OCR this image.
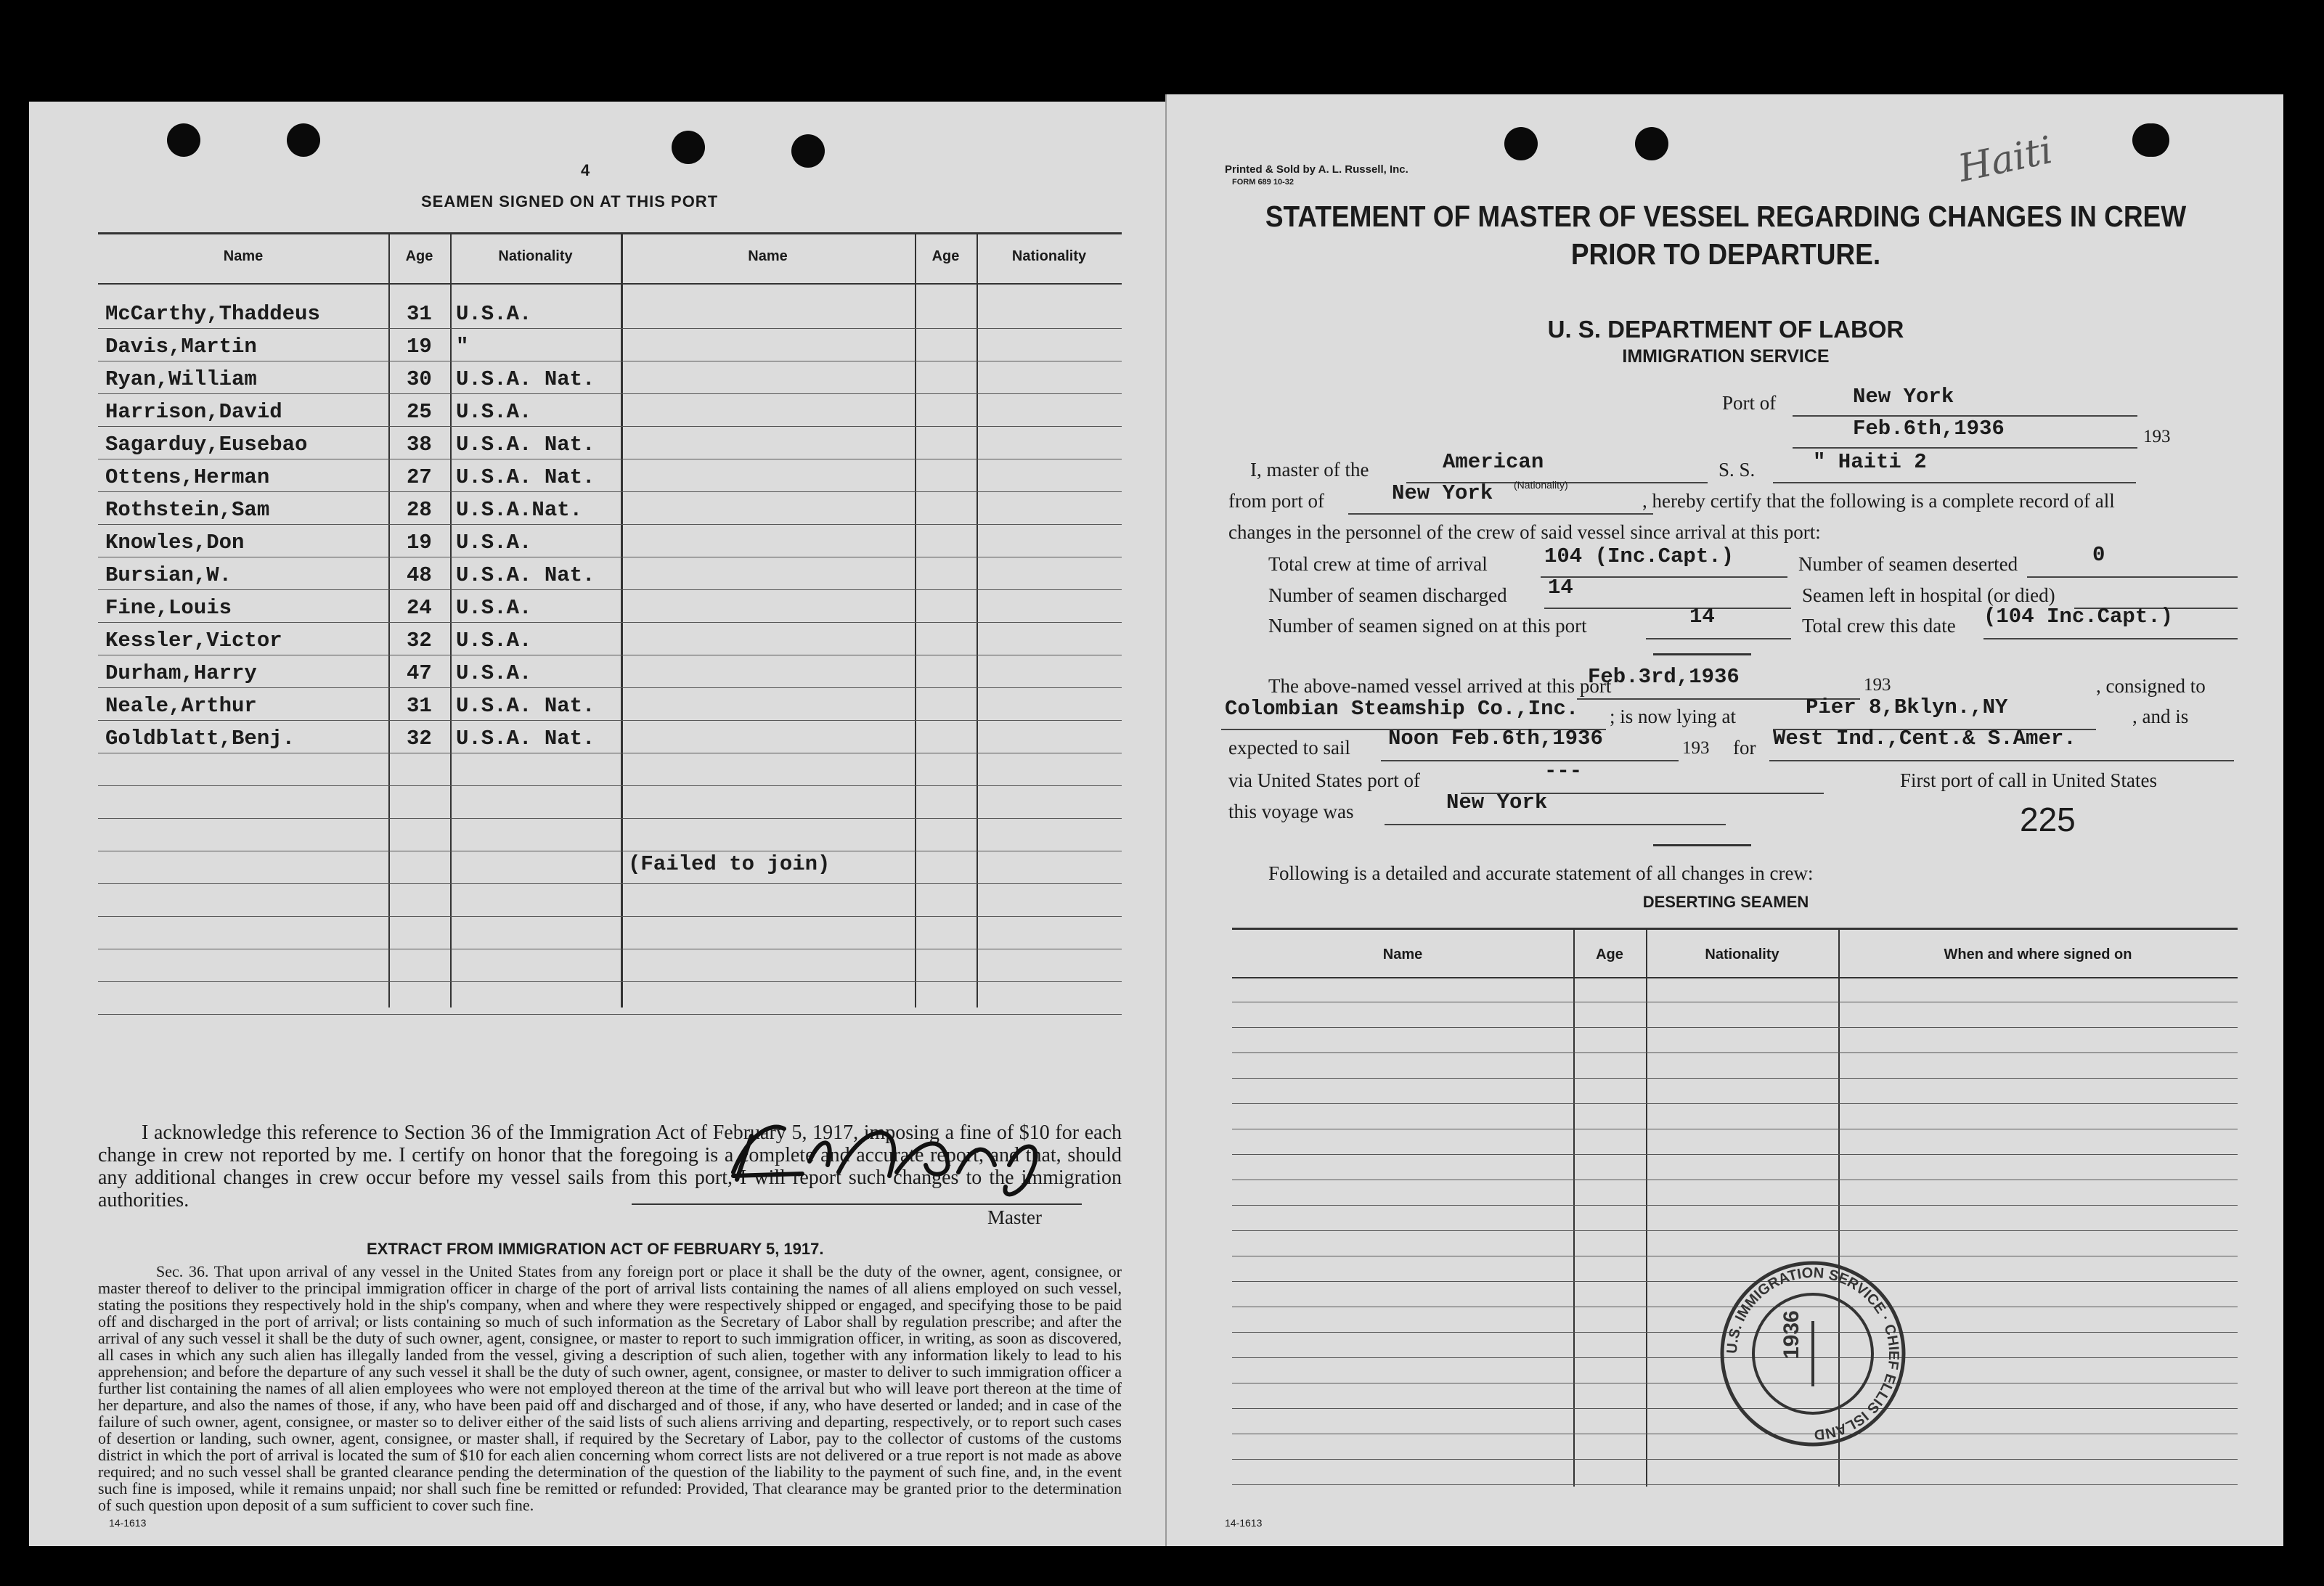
4
SEAMEN SIGNED ON AT THIS PORT
Name	Age	Nationality	Name	Age	Nationality
McCarthy,Thaddeus	31 U.S.A.
Davis,Martin	19 "
Ryan,William	30 U.S.A. Nat.
Harrison,David	25 U.S.A.
Sagarduy,Eusebao	38 U.S.A. Nat.
Ottens,Herman	27 U.S.A. Nat.
Rothstein,Sam	28 U.S.A.Nat.
Knowles,Don	19 U.S.A.
Bursian,W.	48 U.S.A. Nat.
Fine,Louis	24 U.S.A.
Kessler,Victor	32 U.S.A.
Durham,Harry	47 U.S.A.
Neale,Arthur	31 U.S.A. Nat.
Goldblatt,Benj.	32 U.S.A. Nat.
(Failed to join)
I acknowledge this reference to Section 36 of the Immigration Act of February 5, 1917, imposing a fine of $10 for each change in crew not reported by me. I certify on honor that the foregoing is a complete and accurate report, and that, should any additional changes in crew occur before my vessel sails from this port, I will report such changes to the immigration authorities.
Master
EXTRACT FROM IMMIGRATION ACT OF FEBRUARY 5, 1917.
Sec. 36. That upon arrival of any vessel in the United States from any foreign port or place it shall be the duty of the owner, agent, consignee, or master thereof to deliver to the principal immigration officer in charge of the port of arrival lists containing the names of all aliens employed on such vessel, stating the positions they respectively hold in the ship's company, when and where they were respectively shipped or engaged, and specifying those to be paid off and discharged in the port of arrival; or lists containing so much of such information as the Secretary of Labor shall by regulation prescribe; and after the arrival of any such vessel it shall be the duty of such owner, agent, consignee, or master to report to such immigration officer, in writing, as soon as discovered, all cases in which any such alien has illegally landed from the vessel, giving a description of such alien, together with any information likely to lead to his apprehension; and before the departure of any such vessel it shall be the duty of such owner, agent, consignee, or master to deliver to such immigration officer a further list containing the names of all alien employees who were not employed thereon at the time of the arrival but who will leave port thereon at the time of her departure, and also the names of those, if any, who have been paid off and discharged and of those, if any, who have deserted or landed; and in case of the failure of such owner, agent, consignee, or master so to deliver either of the said lists of such aliens arriving and departing, respectively, or to report such cases of desertion or landing, such owner, agent, consignee, or master shall, if required by the Secretary of Labor, pay to the collector of customs of the customs district in which the port of arrival is located the sum of $10 for each alien concerning whom correct lists are not delivered or a true report is not made as above required; and no such vessel shall be granted clearance pending the determination of the question of the liability to the payment of such fine, and, in the event such fine is imposed, while it remains unpaid; nor shall such fine be remitted or refunded: Provided, That clearance may be granted prior to the determination of such question upon deposit of a sum sufficient to cover such fine.
14-1613
Printed & Sold by A. L. Russell, Inc.
FORM 689 10-32	Haiti
STATEMENT OF MASTER OF VESSEL REGARDING CHANGES IN CREW
PRIOR TO DEPARTURE.
U. S. DEPARTMENT OF LABOR
IMMIGRATION SERVICE
Port of	New York
Feb.6th,1936	193
I, master of the	American
(Nationality)
S. S.	" Haiti 2
from port of	New York	, hereby certify that the following is a complete record of all
changes in the personnel of the crew of said vessel since arrival at this port:
Total crew at time of arrival	104 (Inc.Capt.)	Number of seamen deserted	0
Number of seamen discharged 14	Seamen left in hospital (or died)
Number of seamen signed on at this port	14	Total crew this date (104 Inc.Capt.)
The above-named vessel arrived at this port
Feb.3rd,1936	193	, consigned to
Colombian Steamship Co.,Inc. ; is now lying at	Pier 8,Bklyn.,NY	, and is
expected to sail Noon Feb.6th,1936	193 for West Ind.,Cent.& S.Amer.
via United States port of	---	First port of call in United States
this voyage was	New York	225
Following is a detailed and accurate statement of all changes in crew:
DESERTING SEAMEN
Name	Age	Nationality	When and where signed on
U.S. IMMIGRATION SERVICE · CHIEF ELLIS ISLAND
1936
14-1613
